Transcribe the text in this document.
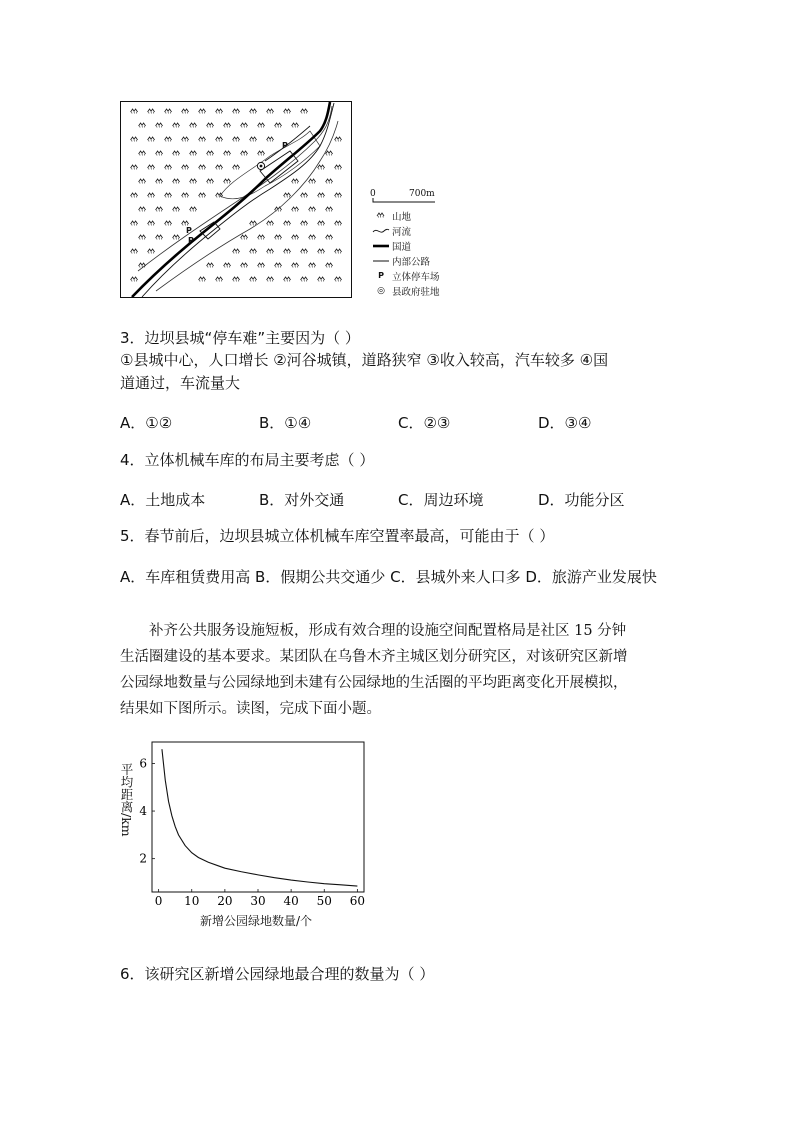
P
P
P
0	700m
山地
河流
国道
内部公路
P 立体停车场
◎ 县政府驻地
3．边坝县城“停车难”主要因为（ ）
①县城中心，人口增长 ②河谷城镇，道路狭窄 ③收入较高，汽车较多 ④国
道通过，车流量大
A．①②	B．①④	C．②③	D．③④
4．立体机械车库的布局主要考虑（ ）
A．土地成本	B．对外交通	C．周边环境	D．功能分区
5．春节前后，边坝县城立体机械车库空置率最高，可能由于（ ）
A．车库租赁费用高 B．假期公共交通少 C．县城外来人口多 D．旅游产业发展快
补齐公共服务设施短板，形成有效合理的设施空间配置格局是社区 15 分钟
生活圈建设的基本要求。某团队在乌鲁木齐主城区划分研究区，对该研究区新增
公园绿地数量与公园绿地到未建有公园绿地的生活圈的平均距离变化开展模拟，
结果如下图所示。读图，完成下面小题。
0 10 20 30 40 50 60
2
4
6
平均距离/km
新增公园绿地数量/个
6．该研究区新增公园绿地最合理的数量为（ ）
